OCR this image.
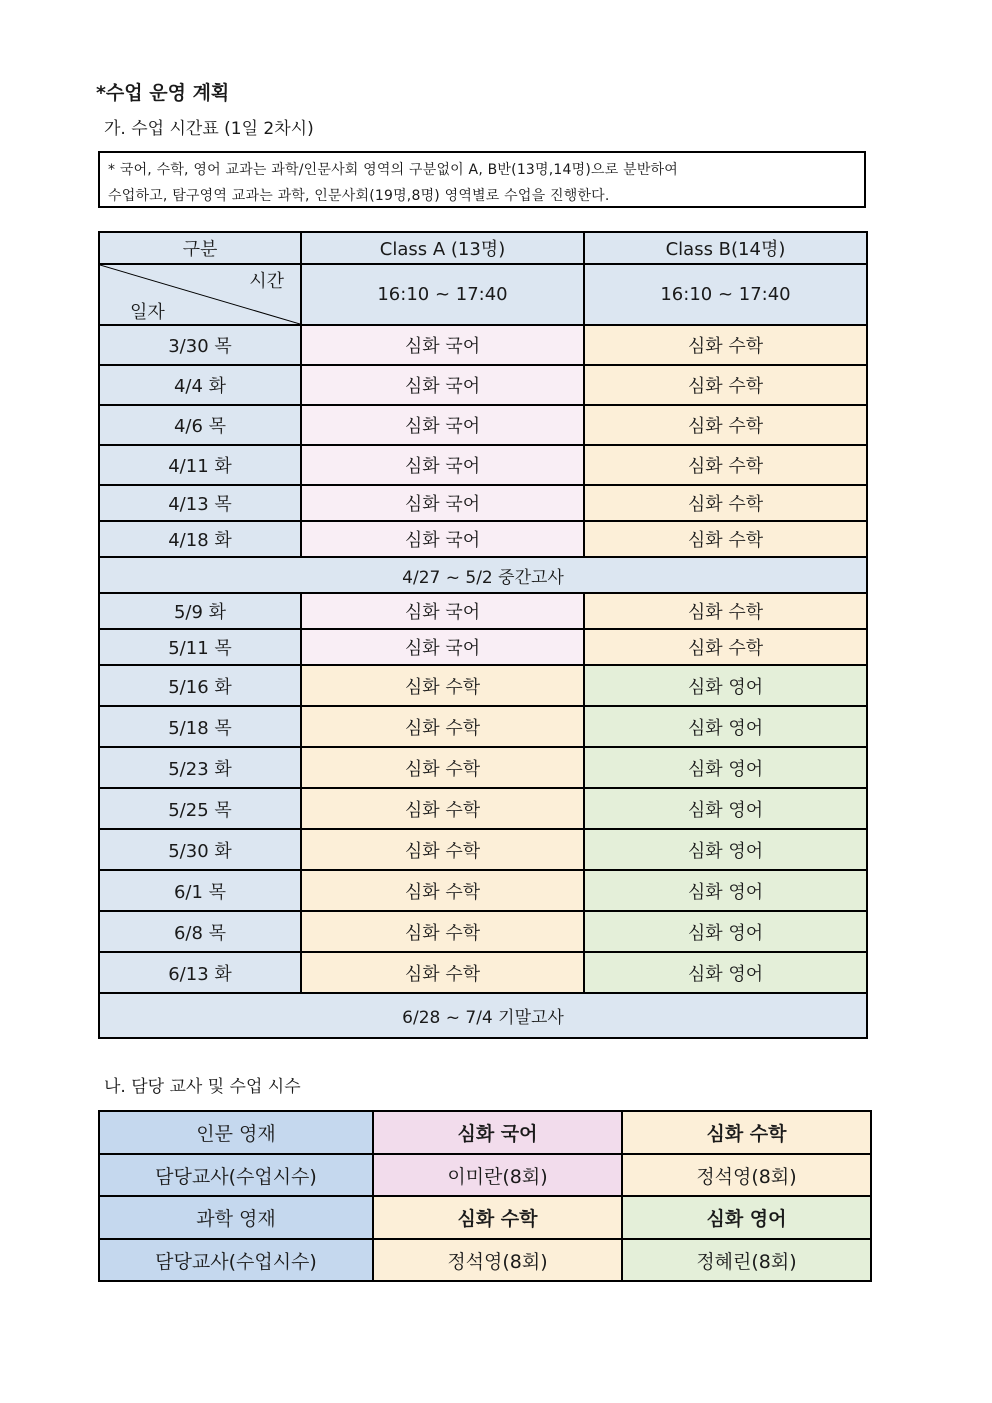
*수업 운영 계획
가. 수업 시간표 (1일 2차시)
* 국어, 수학, 영어 교과는 과학/인문사회 영역의 구분없이 A, B반(13명,14명)으로 분반하여
수업하고, 탐구영역 교과는 과학, 인문사회(19명,8명) 영역별로 수업을 진행한다.
구분	Class A (13명)	Class B(14명)

시간
일자	16:10 ~ 17:40	16:10 ~ 17:40
3/30 목	심화 국어	심화 수학
4/4 화	심화 국어	심화 수학
4/6 목	심화 국어	심화 수학
4/11 화	심화 국어	심화 수학
4/13 목	심화 국어	심화 수학
4/18 화	심화 국어	심화 수학
4/27 ~ 5/2 중간고사		
5/9 화	심화 국어	심화 수학
5/11 목	심화 국어	심화 수학
5/16 화	심화 수학	심화 영어
5/18 목	심화 수학	심화 영어
5/23 화	심화 수학	심화 영어
5/25 목	심화 수학	심화 영어
5/30 화	심화 수학	심화 영어
6/1 목	심화 수학	심화 영어
6/8 목	심화 수학	심화 영어
6/13 화	심화 수학	심화 영어
6/28 ~ 7/4 기말고사		
나. 담당 교사 및 수업 시수
인문 영재	심화 국어	심화 수학
담당교사(수업시수)	이미란(8회)	정석영(8회)
과학 영재	심화 수학	심화 영어
담당교사(수업시수)	정석영(8회)	정혜린(8회)
